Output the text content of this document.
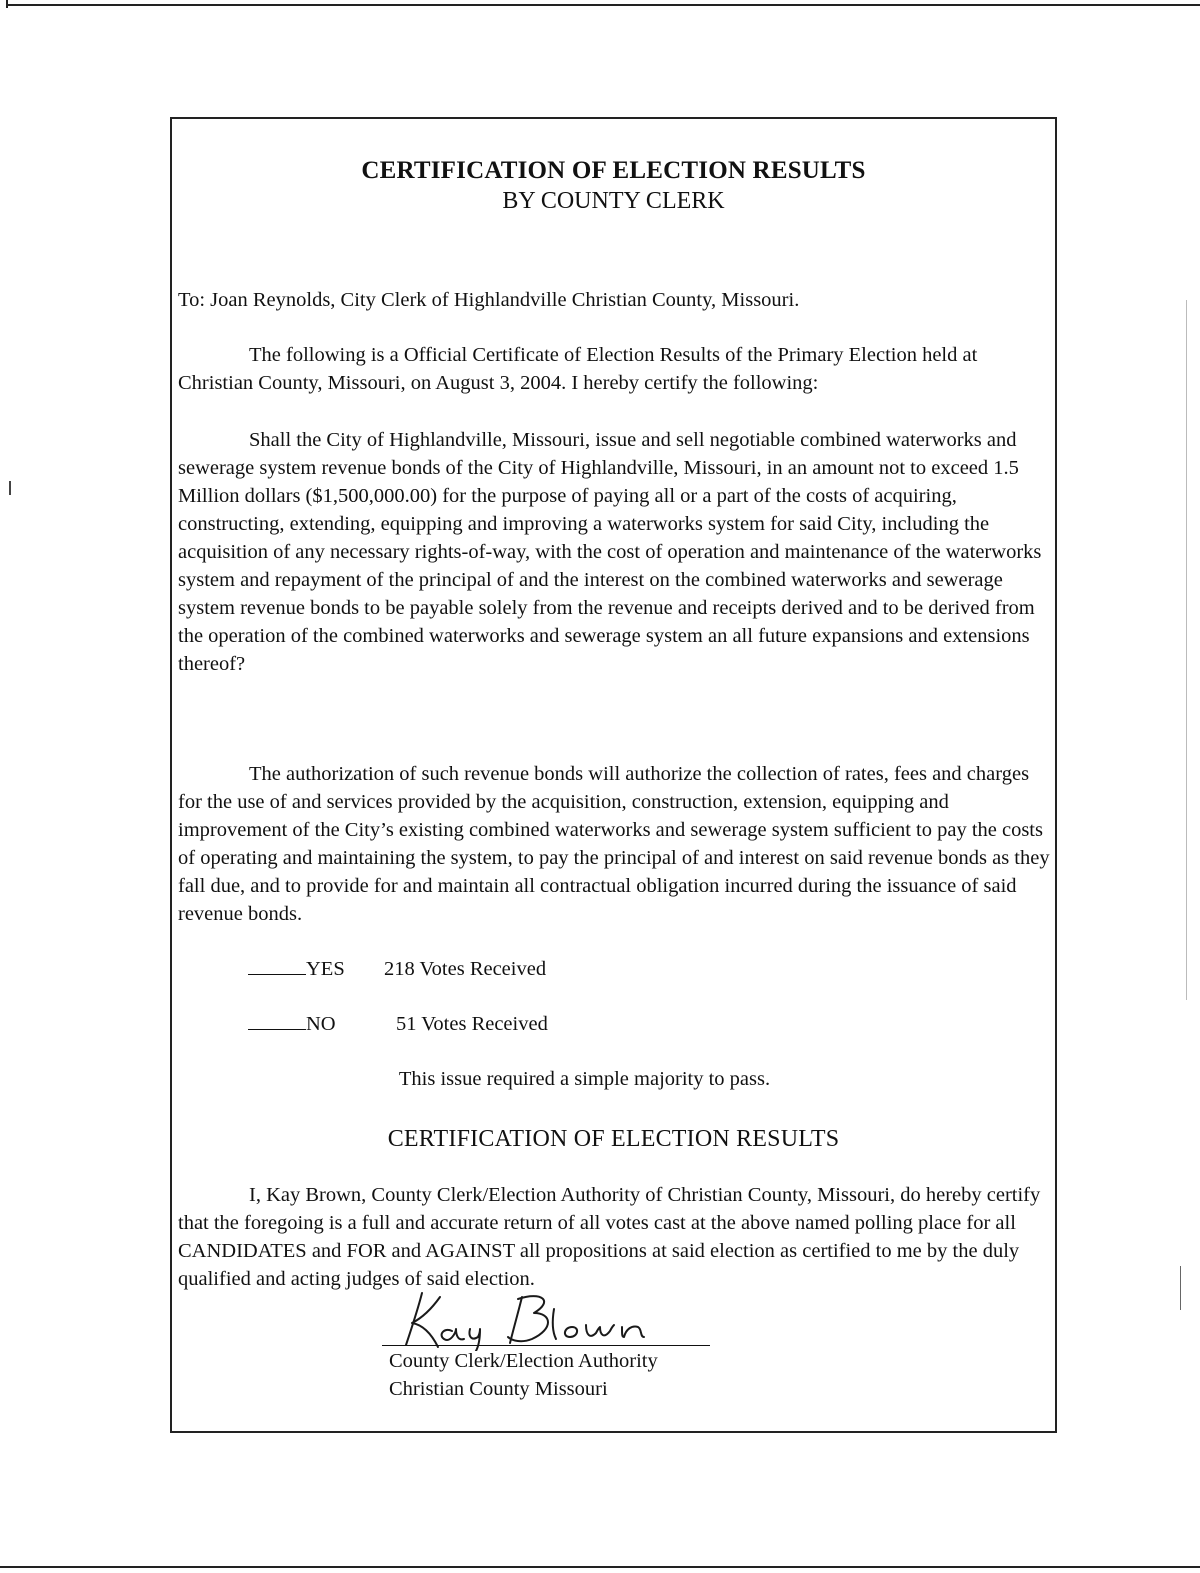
CERTIFICATION OF ELECTION RESULTS
BY COUNTY CLERK

To: Joan Reynolds, City Clerk of Highlandville Christian County, Missouri.

The following is a Official Certificate of Election Results of the Primary Election held at Christian County, Missouri, on August 3, 2004. I hereby certify the following:

Shall the City of Highlandville, Missouri, issue and sell negotiable combined waterworks and sewerage system revenue bonds of the City of Highlandville, Missouri, in an amount not to exceed 1.5 Million dollars ($1,500,000.00) for the purpose of paying all or a part of the costs of acquiring, constructing, extending, equipping and improving a waterworks system for said City, including the acquisition of any necessary rights-of-way, with the cost of operation and maintenance of the waterworks system and repayment of the principal of and the interest on the combined waterworks and sewerage system revenue bonds to be payable solely from the revenue and receipts derived and to be derived from the operation of the combined waterworks and sewerage system an all future expansions and extensions thereof?

The authorization of such revenue bonds will authorize the collection of rates, fees and charges for the use of and services provided by the acquisition, construction, extension, equipping and improvement of the City’s existing combined waterworks and sewerage system sufficient to pay the costs of operating and maintaining the system, to pay the principal of and interest on said revenue bonds as they fall due, and to provide for and maintain all contractual obligation incurred during the issuance of said revenue bonds.

YES 218 Votes Received
NO	51 Votes Received
This issue required a simple majority to pass.
CERTIFICATION OF ELECTION RESULTS

I, Kay Brown, County Clerk/Election Authority of Christian County, Missouri, do hereby certify that the foregoing is a full and accurate return of all votes cast at the above named polling place for all CANDIDATES and FOR and AGAINST all propositions at said election as certified to me by the duly qualified and acting judges of said election.

County Clerk/Election Authority
Christian County Missouri
